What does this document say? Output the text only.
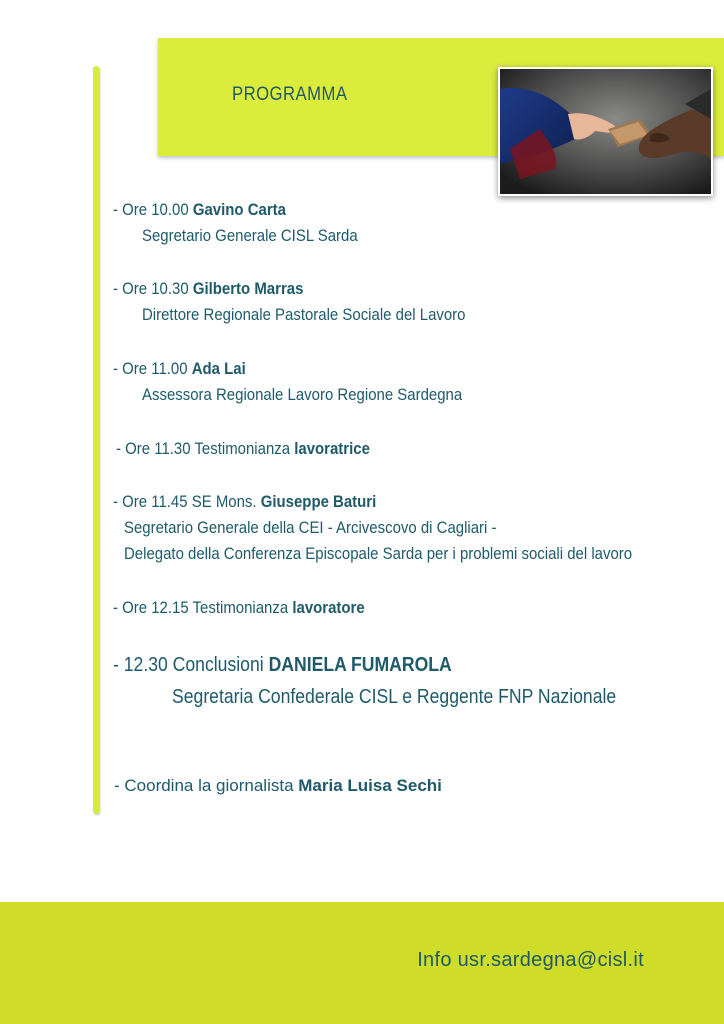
PROGRAMMA
- Ore 10.00 Gavino Carta
Segretario Generale CISL Sarda
- Ore 10.30 Gilberto Marras
Direttore Regionale Pastorale Sociale del Lavoro
- Ore 11.00 Ada Lai
Assessora Regionale Lavoro Regione Sardegna
- Ore 11.30 Testimonianza lavoratrice
- Ore 11.45 SE Mons. Giuseppe Baturi
Segretario Generale della CEI - Arcivescovo di Cagliari -
Delegato della Conferenza Episcopale Sarda per i problemi sociali del lavoro
- Ore 12.15 Testimonianza lavoratore
- 12.30 Conclusioni DANIELA FUMAROLA
Segretaria Confederale CISL e Reggente FNP Nazionale
- Coordina la giornalista Maria Luisa Sechi
Info usr.sardegna@cisl.it
